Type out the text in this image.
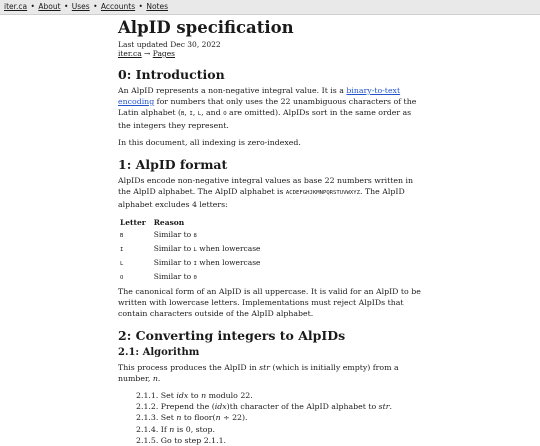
iter.ca • About • Uses • Accounts • Notes
AlpID specification
Last updated Dec 30, 2022
iter.ca → Pages
0: Introduction

An AlpID represents a non-negative integral value. It is a binary-to-text encoding for numbers that only uses the 22 unambiguous characters of the Latin alphabet (B, I, L, and O are omitted). AlpIDs sort in the same order as the integers they represent.

In this document, all indexing is zero-indexed.

1: AlpID format

AlpIDs encode non-negative integral values as base 22 numbers written in the AlpID alphabet. The AlpID alphabet is ACDEFGHJKMNPQRSTUVWXYZ. The AlpID alphabet excludes 4 letters:

Letter	Reason
B	Similar to 8
I	Similar to L when lowercase
L	Similar to I when lowercase
O	Similar to 0

The canonical form of an AlpID is all uppercase. It is valid for an AlpID to be written with lowercase letters. Implementations must reject AlpIDs that contain characters outside of the AlpID alphabet.

2: Converting integers to AlpIDs
2.1: Algorithm

This process produces the AlpID in str (which is initially empty) from a number, n.

2.1.1. Set idx to n modulo 22.
2.1.2. Prepend the (idx)th character of the AlpID alphabet to str.
2.1.3. Set n to floor(n ÷ 22).
2.1.4. If n is 0, stop.
2.1.5. Go to step 2.1.1.
